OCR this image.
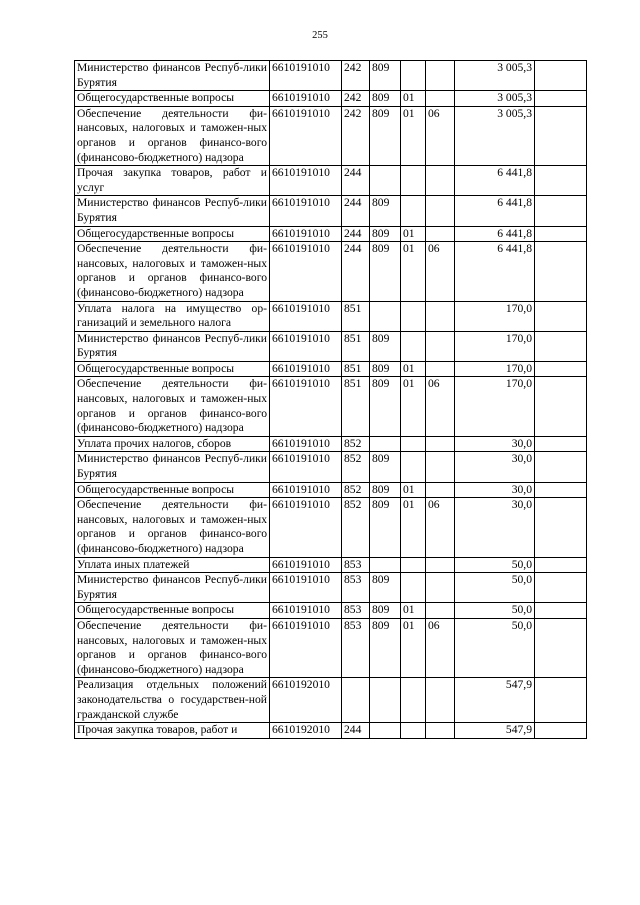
255
Министерство финансов Респуб-лики Бурятия	6610191010	242	809			3 005,3	
Общегосударственные вопросы	6610191010	242	809	01		3 005,3	
Обеспечение деятельности фи-нансовых, налоговых и таможен-ных органов и органов финансо-вого (финансово-бюджетного) надзора	6610191010	242	809	01	06	3 005,3	
Прочая закупка товаров, работ и услуг	6610191010	244				6 441,8	
Министерство финансов Респуб-лики Бурятия	6610191010	244	809			6 441,8	
Общегосударственные вопросы	6610191010	244	809	01		6 441,8	
Обеспечение деятельности фи-нансовых, налоговых и таможен-ных органов и органов финансо-вого (финансово-бюджетного) надзора	6610191010	244	809	01	06	6 441,8	
Уплата налога на имущество ор-ганизаций и земельного налога	6610191010	851				170,0	
Министерство финансов Респуб-лики Бурятия	6610191010	851	809			170,0	
Общегосударственные вопросы	6610191010	851	809	01		170,0	
Обеспечение деятельности фи-нансовых, налоговых и таможен-ных органов и органов финансо-вого (финансово-бюджетного) надзора	6610191010	851	809	01	06	170,0	
Уплата прочих налогов, сборов	6610191010	852				30,0	
Министерство финансов Респуб-лики Бурятия	6610191010	852	809			30,0	
Общегосударственные вопросы	6610191010	852	809	01		30,0	
Обеспечение деятельности фи-нансовых, налоговых и таможен-ных органов и органов финансо-вого (финансово-бюджетного) надзора	6610191010	852	809	01	06	30,0	
Уплата иных платежей	6610191010	853				50,0	
Министерство финансов Респуб-лики Бурятия	6610191010	853	809			50,0	
Общегосударственные вопросы	6610191010	853	809	01		50,0	
Обеспечение деятельности фи-нансовых, налоговых и таможен-ных органов и органов финансо-вого (финансово-бюджетного) надзора	6610191010	853	809	01	06	50,0	
Реализация отдельных положений законодательства о государствен-ной гражданской службе	6610192010					547,9	
Прочая закупка товаров, работ и	6610192010	244				547,9	
